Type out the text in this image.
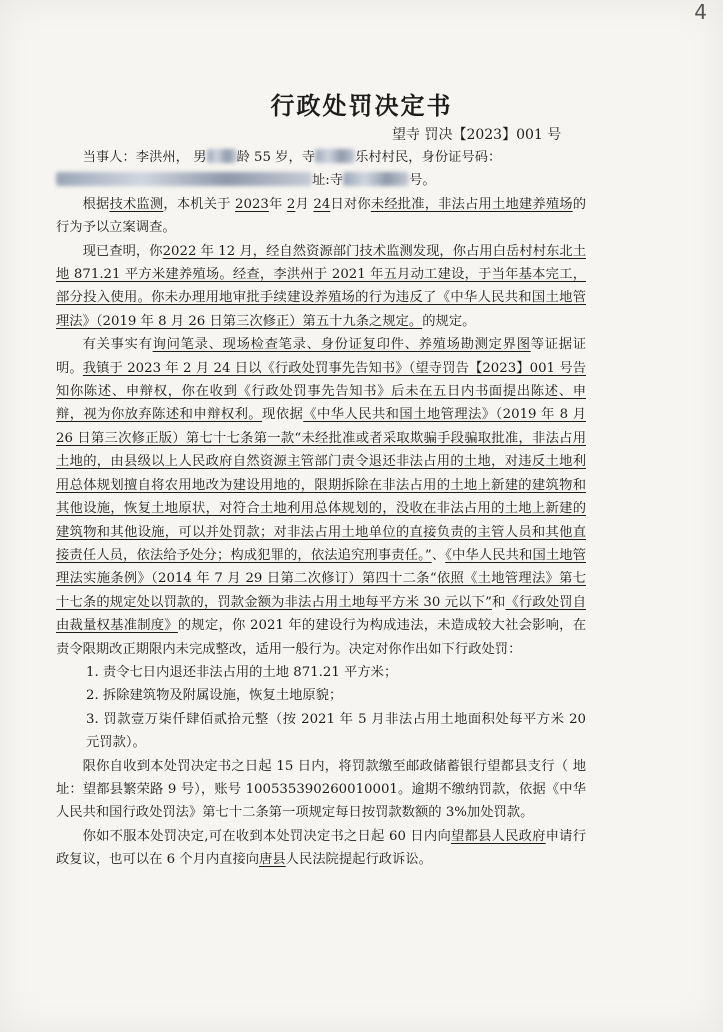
4
行政处罚决定书
望寺 罚决【2023】001 号

当事人：李洪州， 男 龄 55 岁，寺	乐村村民，身份证号码：
址:寺	号。

根据技术监测，本机关于 2023年 2月 24日对你未经批准，非法占用土地建养殖场的行为予以立案调查。

现已查明，你2022 年 12 月，经自然资源部门技术监测发现，你占用白岳村村东北土地 871.21 平方米建养殖场。经查，李洪州于 2021 年五月动工建设，于当年基本完工，部分投入使用。你未办理用地审批手续建设养殖场的行为违反了《中华人民共和国土地管理法》（2019 年 8 月 26 日第三次修正）第五十九条之规定。的规定。

有关事实有询问笔录、现场检查笔录、身份证复印件、养殖场勘测定界图等证据证明。我镇于 2023 年 2 月 24 日以《行政处罚事先告知书》（望寺罚告【2023】001 号告知你陈述、申辩权，你在收到《行政处罚事先告知书》后未在五日内书面提出陈述、申辩，视为你放弃陈述和申辩权利。现依据《中华人民共和国土地管理法》（2019 年 8 月 26 日第三次修正版）第七十七条第一款“未经批准或者采取欺骗手段骗取批准，非法占用土地的，由县级以上人民政府自然资源主管部门责令退还非法占用的土地，对违反土地利用总体规划擅自将农用地改为建设用地的，限期拆除在非法占用的土地上新建的建筑物和其他设施，恢复土地原状，对符合土地利用总体规划的，没收在非法占用的土地上新建的建筑物和其他设施，可以并处罚款；对非法占用土地单位的直接负责的主管人员和其他直接责任人员，依法给予处分；构成犯罪的，依法追究刑事责任。”、《中华人民共和国土地管理法实施条例》（2014 年 7 月 29 日第二次修订）第四十二条“依照《土地管理法》第七十七条的规定处以罚款的，罚款金额为非法占用土地每平方米 30 元以下”和《行政处罚自由裁量权基准制度》的规定，你 2021 年的建设行为构成违法，未造成较大社会影响，在责令限期改正期限内未完成整改，适用一般行为。决定对你作出如下行政处罚：

1. 责令七日内退还非法占用的土地 871.21 平方米；

2. 拆除建筑物及附属设施，恢复土地原貌；

3. 罚款壹万柒仟肆佰贰拾元整（按 2021 年 5 月非法占用土地面积处每平方米 20 元罚款）。

限你自收到本处罚决定书之日起 15 日内，将罚款缴至邮政储蓄银行望都县支行（ 地址：望都县繁荣路 9 号），账号 100535390260010001。逾期不缴纳罚款，依据《中华人民共和国行政处罚法》第七十二条第一项规定每日按罚款数额的 3%加处罚款。

你如不服本处罚决定,可在收到本处罚决定书之日起 60 日内向望都县人民政府申请行政复议，也可以在 6 个月内直接向唐县人民法院提起行政诉讼。
